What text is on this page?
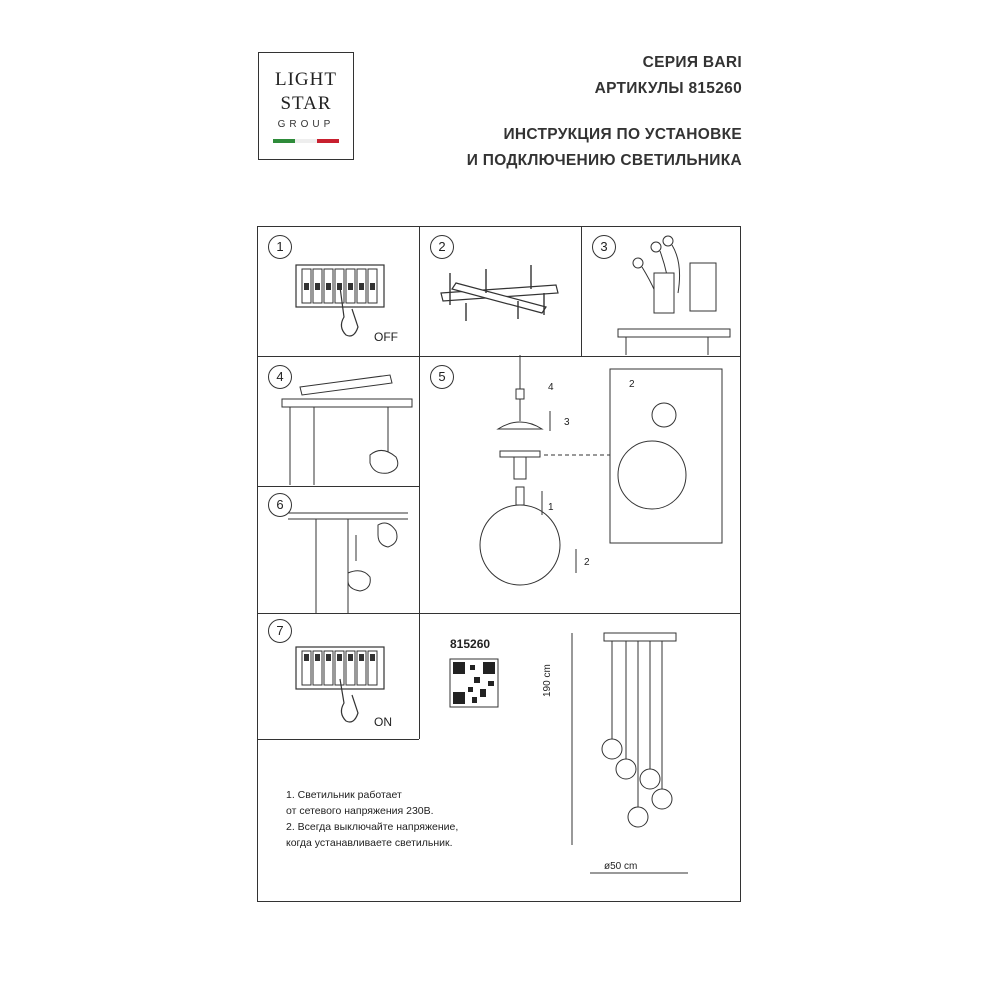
LIGHT
STAR
GROUP
СЕРИЯ BARI
АРТИКУЛЫ 815260
ИНСТРУКЦИЯ ПО УСТАНОВКЕ
И ПОДКЛЮЧЕНИЮ СВЕТИЛЬНИКА
1
OFF
2	3
4	5
4
3
1
2
2
6
7
ON
815260
190 cm
ø50 cm
1. Светильник работает
от сетевого напряжения 230В.
2. Всегда выключайте напряжение,
когда устанавливаете светильник.
